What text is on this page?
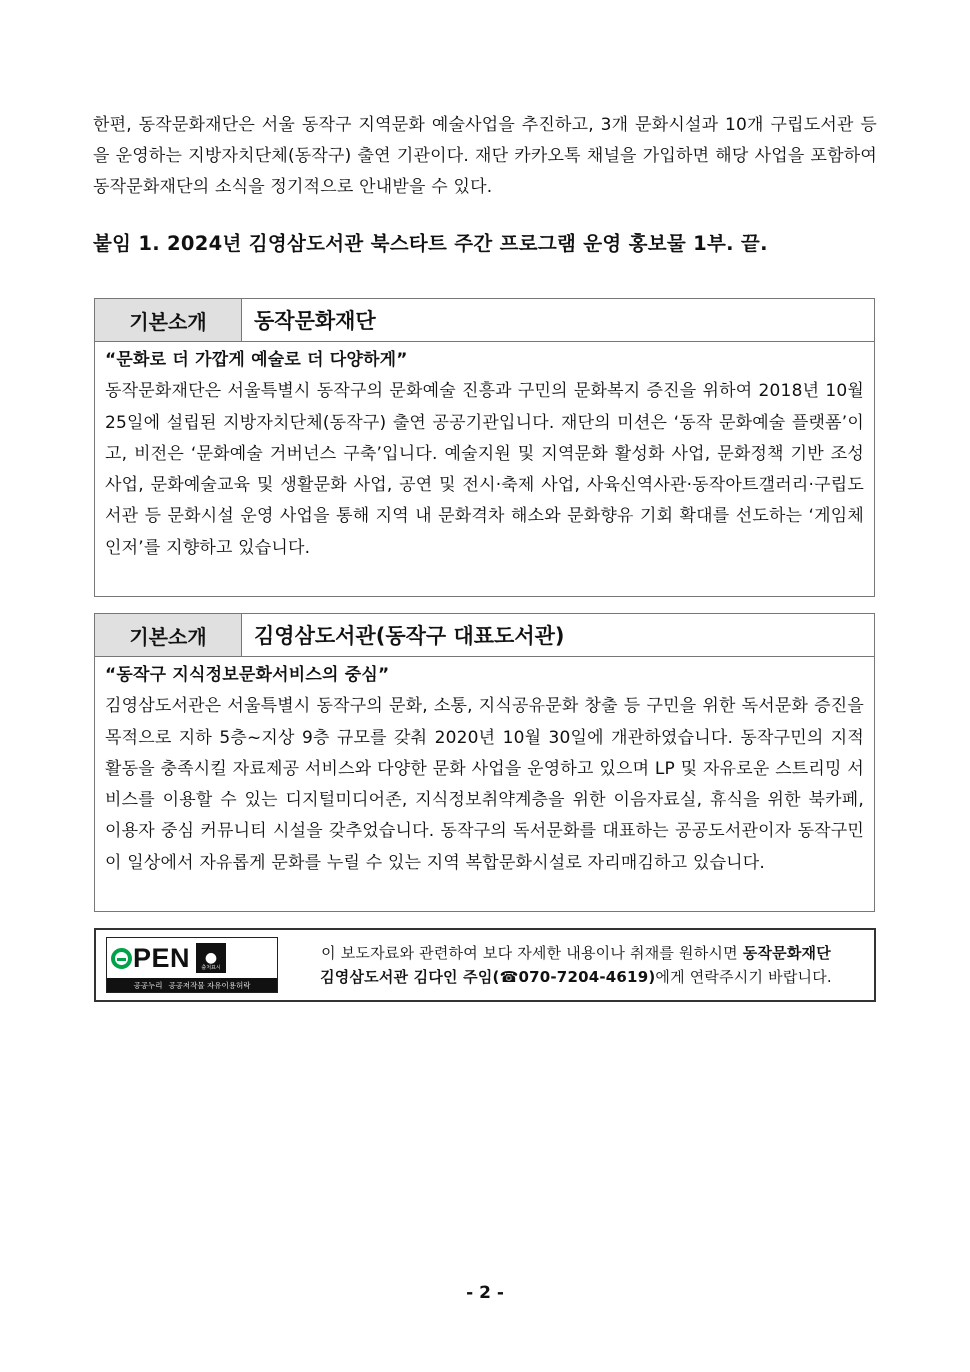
한편, 동작문화재단은 서울 동작구 지역문화 예술사업을 추진하고, 3개 문화시설과 10개 구립도서관 등을 운영하는 지방자치단체(동작구) 출연 기관이다. 재단 카카오톡 채널을 가입하면 해당 사업을 포함하여 동작문화재단의 소식을 정기적으로 안내받을 수 있다.
붙임 1. 2024년 김영삼도서관 북스타트 주간 프로그램 운영 홍보물 1부. 끝.
기본소개	동작문화재단
“문화로 더 가깝게 예술로 더 다양하게”
동작문화재단은 서울특별시 동작구의 문화예술 진흥과 구민의 문화복지 증진을 위하여 2018년 10월 25일에 설립된 지방자치단체(동작구) 출연 공공기관입니다. 재단의 미션은 ‘동작 문화예술 플랫폼’이고, 비전은 ‘문화예술 거버넌스 구축’입니다. 예술지원 및 지역문화 활성화 사업, 문화정책 기반 조성사업, 문화예술교육 및 생활문화 사업, 공연 및 전시·축제 사업, 사육신역사관·동작아트갤러리·구립도서관 등 문화시설 운영 사업을 통해 지역 내 문화격차 해소와 문화향유 기회 확대를 선도하는 ‘게임체인저’를 지향하고 있습니다.
기본소개	김영삼도서관(동작구 대표도서관)
“동작구 지식정보문화서비스의 중심”
김영삼도서관은 서울특별시 동작구의 문화, 소통, 지식공유문화 창출 등 구민을 위한 독서문화 증진을 목적으로 지하 5층~지상 9층 규모를 갖춰 2020년 10월 30일에 개관하였습니다. 동작구민의 지적 활동을 충족시킬 자료제공 서비스와 다양한 문화 사업을 운영하고 있으며 LP 및 자유로운 스트리밍 서비스를 이용할 수 있는 디지털미디어존, 지식정보취약계층을 위한 이음자료실, 휴식을 위한 북카페, 이용자 중심 커뮤니티 시설을 갖추었습니다. 동작구의 독서문화를 대표하는 공공도서관이자 동작구민이 일상에서 자유롭게 문화를 누릴 수 있는 지역 복합문화시설로 자리매김하고 있습니다.
PEN ●
출처표시
공공누리 공공저작물 자유이용허락
이 보도자료와 관련하여 보다 자세한 내용이나 취재를 원하시면 동작문화재단
김영삼도서관 김다인 주임(☎070-7204-4619)에게 연락주시기 바랍니다.
- 2 -
